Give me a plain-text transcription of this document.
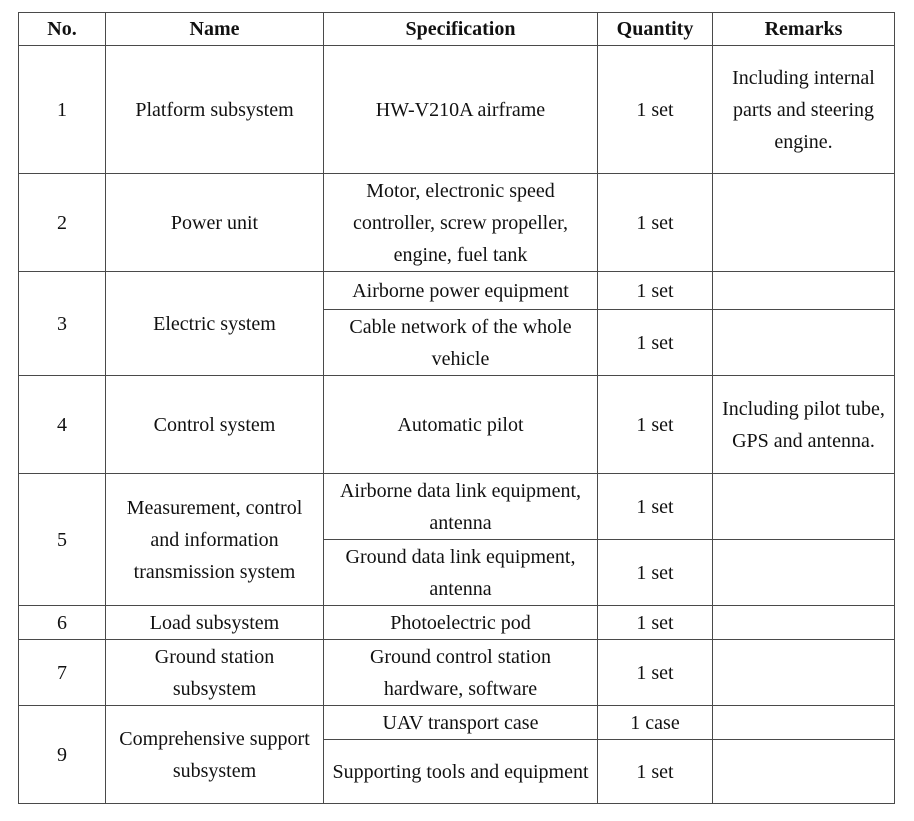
No.	Name	Specification	Quantity	Remarks
1	Platform subsystem	HW-V210A airframe	1 set	Including internal parts and steering engine.
2	Power unit	Motor, electronic speed controller, screw propeller, engine, fuel tank	1 set	
3	Electric system	Airborne power equipment	1 set	
		Cable network of the whole vehicle	1 set	
4	Control system	Automatic pilot	1 set	Including pilot tube, GPS and antenna.
5	Measurement, control and information transmission system	Airborne data link equipment, antenna	1 set	
		Ground data link equipment, antenna	1 set	
6	Load subsystem	Photoelectric pod	1 set	
7	Ground station subsystem	Ground control station hardware, software	1 set	
9	Comprehensive support subsystem	UAV transport case	1 case	
		Supporting tools and equipment	1 set	
